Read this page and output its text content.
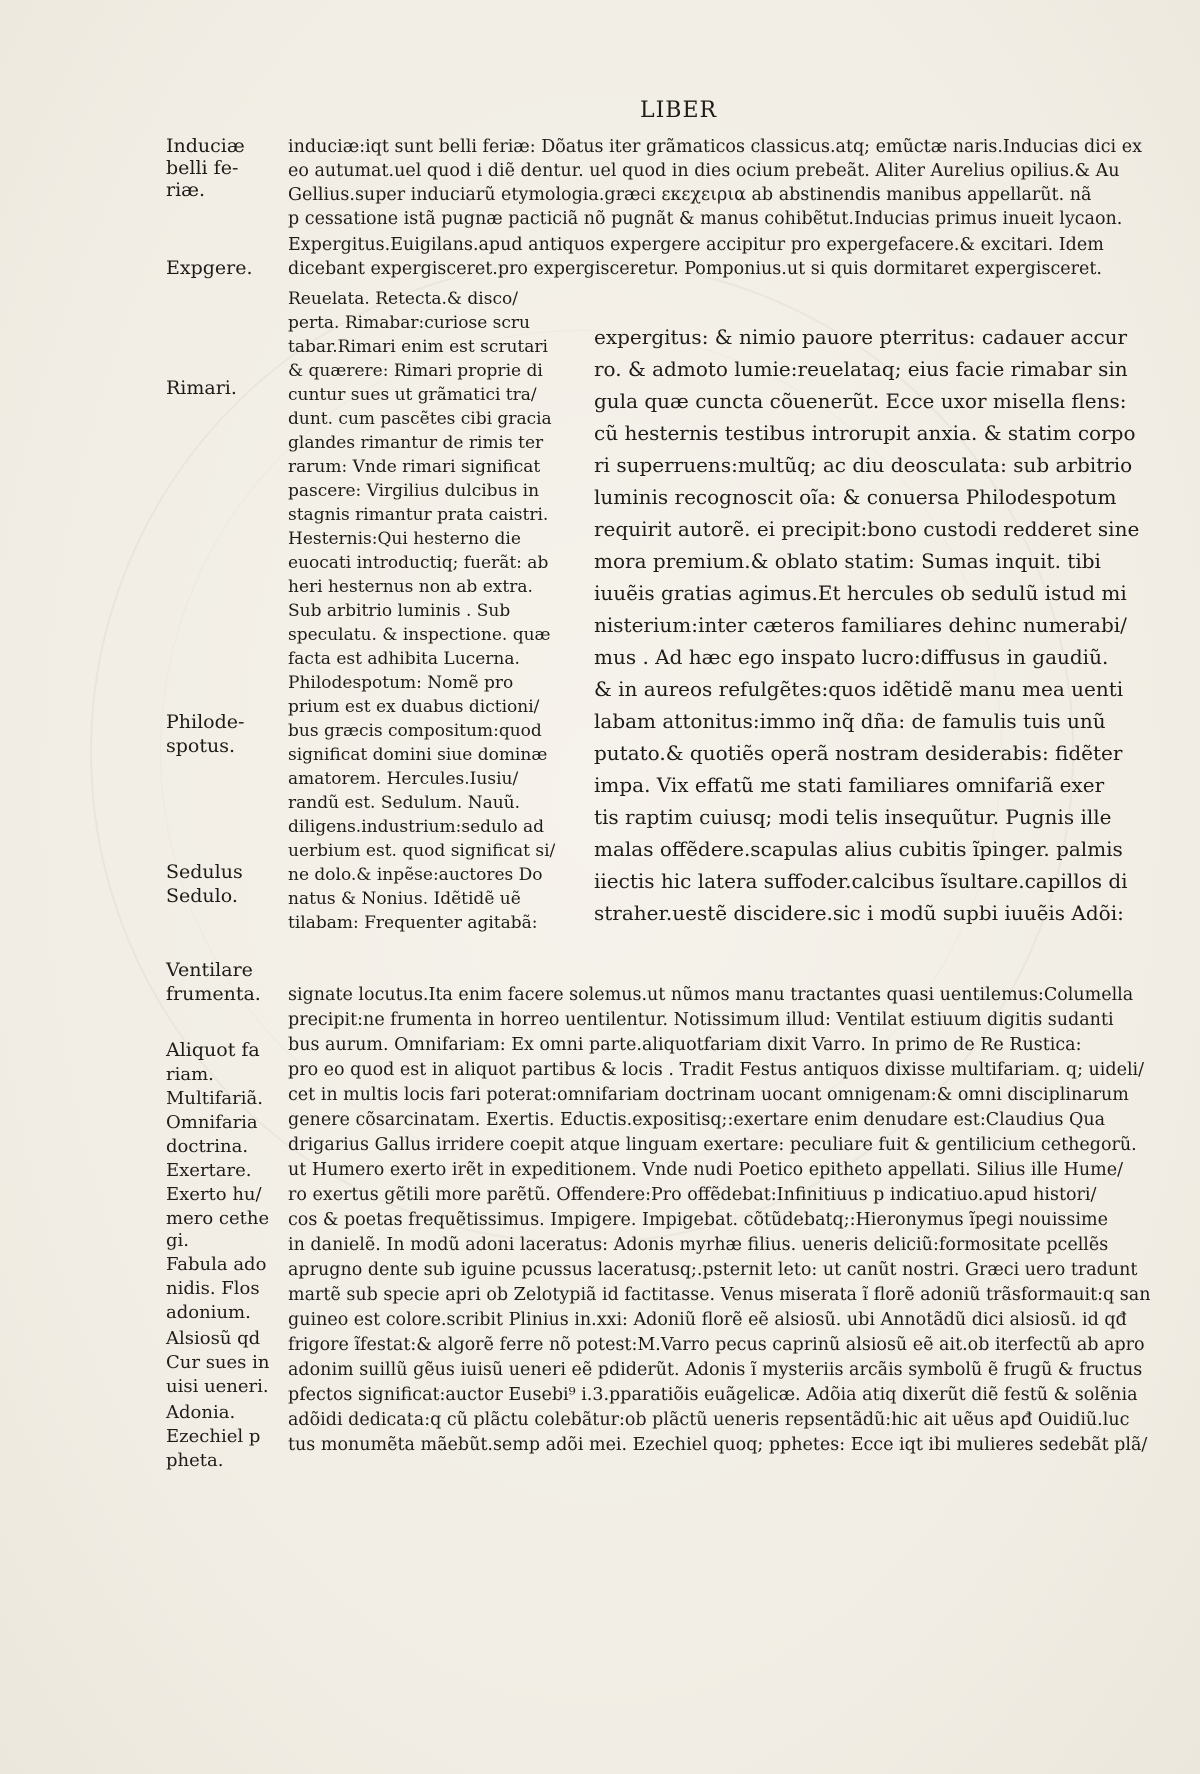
LIBER
induciæ:iqt sunt belli feriæ: Dõatus iter grãmaticos classicus.atq; emũctæ naris.Inducias dici ex
eo autumat.uel quod i diẽ dentur. uel quod in dies ocium prebeãt. Aliter Aurelius opilius.& Au
Gellius.super induciarũ etymologia.græci εκεχειρια ab abstinendis manibus appellarũt. nã
p cessatione istã pugnæ pacticiã nõ pugnãt & manus cohibẽtut.Inducias primus inueit lycaon.
Expergitus.Euigilans.apud antiquos expergere accipitur pro expergefacere.& excitari. Idem
dicebant expergisceret.pro expergisceretur. Pomponius.ut si quis dormitaret expergisceret.
Reuelata. Retecta.& disco/
perta. Rimabar:curiose scru
tabar.Rimari enim est scrutari
& quærere: Rimari proprie di
cuntur sues ut grãmatici tra/
dunt. cum pascẽtes cibi gracia
glandes rimantur de rimis ter
rarum: Vnde rimari significat
pascere: Virgilius dulcibus in
stagnis rimantur prata caistri.
Hesternis:Qui hesterno die
euocati introductiq; fuerãt: ab
heri hesternus non ab extra.
Sub arbitrio luminis . Sub
speculatu. & inspectione. quæ
facta est adhibita Lucerna.
Philodespotum: Nomẽ pro
prium est ex duabus dictioni/
bus græcis compositum:quod
significat domini siue dominæ
amatorem. Hercules.Iusiu/
randũ est. Sedulum. Nauũ.
diligens.industrium:sedulo ad
uerbium est. quod significat si/
ne dolo.& inpẽse:auctores Do
natus & Nonius. Idẽtidẽ uẽ
tilabam: Frequenter agitabã:
expergitus: & nimio pauore pterritus: cadauer accur
ro. & admoto lumie:reuelataq; eius facie rimabar sin
gula quæ cuncta cõuenerũt. Ecce uxor misella flens:
cũ hesternis testibus introrupit anxia. & statim corpo
ri superruens:multũq; ac diu deosculata: sub arbitrio
luminis recognoscit oĩa: & conuersa Philodespotum
requirit autorẽ. ei precipit:bono custodi redderet sine
mora premium.& oblato statim: Sumas inquit. tibi
iuuẽis gratias agimus.Et hercules ob sedulũ istud mi
nisterium:inter cæteros familiares dehinc numerabi/
mus . Ad hæc ego inspato lucro:diffusus in gaudiũ.
& in aureos refulgẽtes:quos idẽtidẽ manu mea uenti
labam attonitus:immo inq̃ dña: de famulis tuis unũ
putato.& quotiẽs operã nostram desiderabis: fidẽter
impa. Vix effatũ me stati familiares omnifariã exer
tis raptim cuiusq; modi telis insequũtur. Pugnis ille
malas offẽdere.scapulas alius cubitis ĩpinger. palmis
iiectis hic latera suffoder.calcibus ĩsultare.capillos di
straher.uestẽ discidere.sic i modũ supbi iuuẽis Adõi:
signate locutus.Ita enim facere solemus.ut nũmos manu tractantes quasi uentilemus:Columella
precipit:ne frumenta in horreo uentilentur. Notissimum illud: Ventilat estiuum digitis sudanti
bus aurum. Omnifariam: Ex omni parte.aliquotfariam dixit Varro. In primo de Re Rustica:
pro eo quod est in aliquot partibus & locis . Tradit Festus antiquos dixisse multifariam. q; uideli/
cet in multis locis fari poterat:omnifariam doctrinam uocant omnigenam:& omni disciplinarum
genere cõsarcinatam. Exertis. Eductis.expositisq;:exertare enim denudare est:Claudius Qua
drigarius Gallus irridere coepit atque linguam exertare: peculiare fuit & gentilicium cethegorũ.
ut Humero exerto irẽt in expeditionem. Vnde nudi Poetico epitheto appellati. Silius ille Hume/
ro exertus gẽtili more parẽtũ. Offendere:Pro offẽdebat:Infinitiuus p indicatiuo.apud histori/
cos & poetas frequẽtissimus. Impigere. Impigebat. cõtũdebatq;:Hieronymus ĩpegi nouissime
in danielẽ. In modũ adoni laceratus: Adonis myrhæ filius. ueneris deliciũ:formositate pcellẽs
aprugno dente sub iguine pcussus laceratusq;.psternit leto: ut canũt nostri. Græci uero tradunt
martẽ sub specie apri ob Zelotypiã id factitasse. Venus miserata ĩ florẽ adoniũ trãsformauit:q san
guineo est colore.scribit Plinius in.xxi: Adoniũ florẽ eẽ alsiosũ. ubi Annotãdũ dici alsiosũ. id qđ
frigore ĩfestat:& algorẽ ferre nõ potest:M.Varro pecus caprinũ alsiosũ eẽ ait.ob iterfectũ ab apro
adonim suillũ gẽus iuisũ ueneri eẽ pdiderũt. Adonis ĩ mysteriis arcãis symbolũ ẽ frugũ & fructus
pfectos significat:auctor Eusebi⁹ i.3.pparatiõis euãgelicæ. Adõia atiq dixerũt diẽ festũ & solẽnia
adõidi dedicata:q cũ plãctu colebãtur:ob plãctũ ueneris repsentãdũ:hic ait uẽus apđ Ouidiũ.luc
tus monumẽta mãebũt.semp adõi mei. Ezechiel quoq; pphetes: Ecce iqt ibi mulieres sedebãt plã/
Induciæ
belli fe-
riæ.
Expgere.
Rimari.
Philode-
spotus.
Sedulus
Sedulo.
Ventilare
frumenta.
Aliquot fa
riam.
Multifariã.
Omnifaria
doctrina.
Exertare.
Exerto hu/
mero cethe
gi.
Fabula ado
nidis. Flos
adonium.
Alsiosũ qd
Cur sues in
uisi ueneri.
Adonia.
Ezechiel p
pheta.
